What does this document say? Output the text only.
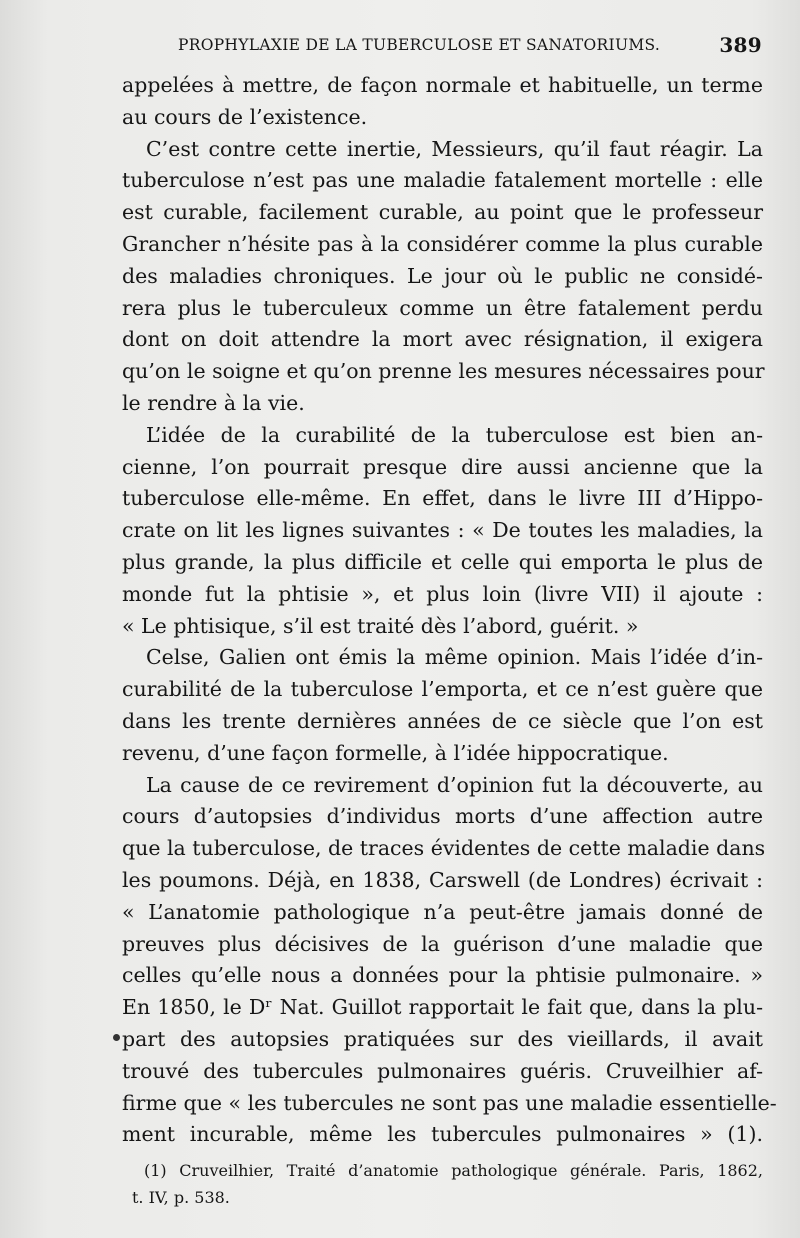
PROPHYLAXIE DE LA TUBERCULOSE ET SANATORIUMS.	389
appelées à mettre, de façon normale et habituelle, un terme
au cours de l’existence.
C’est contre cette inertie, Messieurs, qu’il faut réagir. La
tuberculose n’est pas une maladie fatalement mortelle : elle
est curable, facilement curable, au point que le professeur
Grancher n’hésite pas à la considérer comme la plus curable
des maladies chroniques. Le jour où le public ne considé-
rera plus le tuberculeux comme un être fatalement perdu
dont on doit attendre la mort avec résignation, il exigera
qu’on le soigne et qu’on prenne les mesures nécessaires pour
le rendre à la vie.
L’idée de la curabilité de la tuberculose est bien an-
cienne, l’on pourrait presque dire aussi ancienne que la
tuberculose elle-même. En effet, dans le livre III d’Hippo-
crate on lit les lignes suivantes : « De toutes les maladies, la
plus grande, la plus difficile et celle qui emporta le plus de
monde fut la phtisie », et plus loin (livre VII) il ajoute :
« Le phtisique, s’il est traité dès l’abord, guérit. »
Celse, Galien ont émis la même opinion. Mais l’idée d’in-
curabilité de la tuberculose l’emporta, et ce n’est guère que
dans les trente dernières années de ce siècle que l’on est
revenu, d’une façon formelle, à l’idée hippocratique.
La cause de ce revirement d’opinion fut la découverte, au
cours d’autopsies d’individus morts d’une affection autre
que la tuberculose, de traces évidentes de cette maladie dans
les poumons. Déjà, en 1838, Carswell (de Londres) écrivait :
« L’anatomie pathologique n’a peut-être jamais donné de
preuves plus décisives de la guérison d’une maladie que
celles qu’elle nous a données pour la phtisie pulmonaire. »
En 1850, le Dʳ Nat. Guillot rapportait le fait que, dans la plu-
part des autopsies pratiquées sur des vieillards, il avait
trouvé des tubercules pulmonaires guéris. Cruveilhier af-
firme que « les tubercules ne sont pas une maladie essentielle-
ment incurable, même les tubercules pulmonaires » (1).
(1) Cruveilhier, Traité d’anatomie pathologique générale. Paris, 1862,
t. IV, p. 538.
